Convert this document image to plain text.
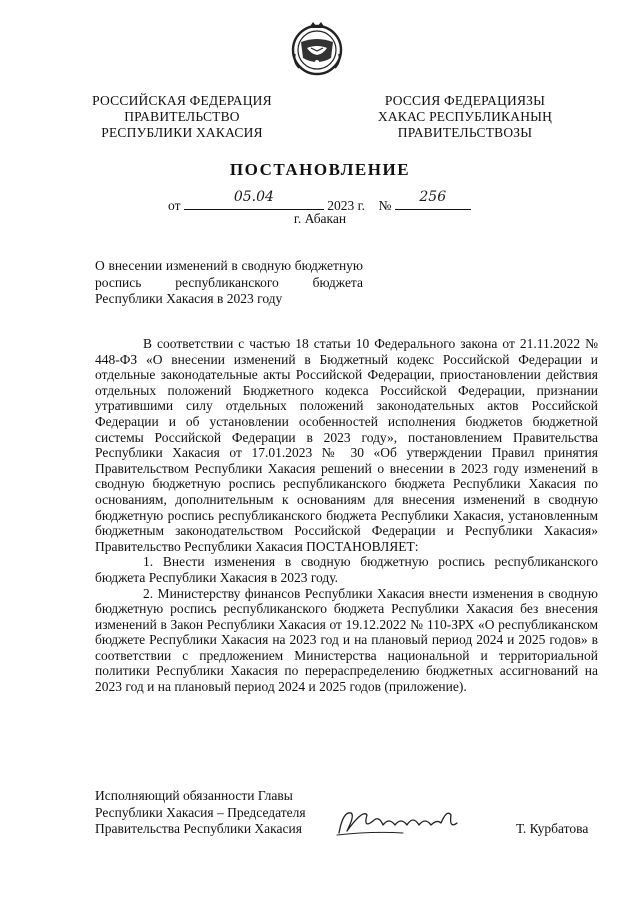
РОССИЙСКАЯ ФЕДЕРАЦИЯ
ПРАВИТЕЛЬСТВО
РЕСПУБЛИКИ ХАКАСИЯ
РОССИЯ ФЕДЕРАЦИЯЗЫ
ХАКАС РЕСПУБЛИКАНЫҢ
ПРАВИТЕЛЬСТВОЗЫ
ПОСТАНОВЛЕНИЕ
от
05.04
2023 г. №
256
г. Абакан
О внесении изменений в сводную бюджетную роспись республиканского бюджета Республики Хакасия в 2023 году

В соответствии с частью 18 статьи 10 Федерального закона от 21.11.2022 № 448-ФЗ «О внесении изменений в Бюджетный кодекс Российской Федерации и отдельные законодательные акты Российской Федерации, приостановлении действия отдельных положений Бюджетного кодекса Российской Федерации, признании утратившими силу отдельных положений законодательных актов Российской Федерации и об установлении особенностей исполнения бюджетов бюджетной системы Российской Федерации в 2023 году», постановлением Правительства Республики Хакасия от 17.01.2023 № 30 «Об утверждении Правил принятия Правительством Республики Хакасия решений о внесении в 2023 году изменений в сводную бюджетную роспись республиканского бюджета Республики Хакасия по основаниям, дополнительным к основаниям для внесения изменений в сводную бюджетную роспись республиканского бюджета Республики Хакасия, установленным бюджетным законодательством Российской Федерации и Республики Хакасия» Правительство Республики Хакасия ПОСТАНОВЛЯЕТ:

1. Внести изменения в сводную бюджетную роспись республиканского бюджета Республики Хакасия в 2023 году.

2. Министерству финансов Республики Хакасия внести изменения в сводную бюджетную роспись республиканского бюджета Республики Хакасия без внесения изменений в Закон Республики Хакасия от 19.12.2022 № 110-ЗРХ «О республиканском бюджете Республики Хакасия на 2023 год и на плановый период 2024 и 2025 годов» в соответствии с предложением Министерства национальной и территориальной политики Республики Хакасия по перераспределению бюджетных ассигнований на 2023 год и на плановый период 2024 и 2025 годов (приложение).

Исполняющий обязанности Главы
Республики Хакасия – Председателя
Правительства Республики Хакасия	Т. Курбатова
